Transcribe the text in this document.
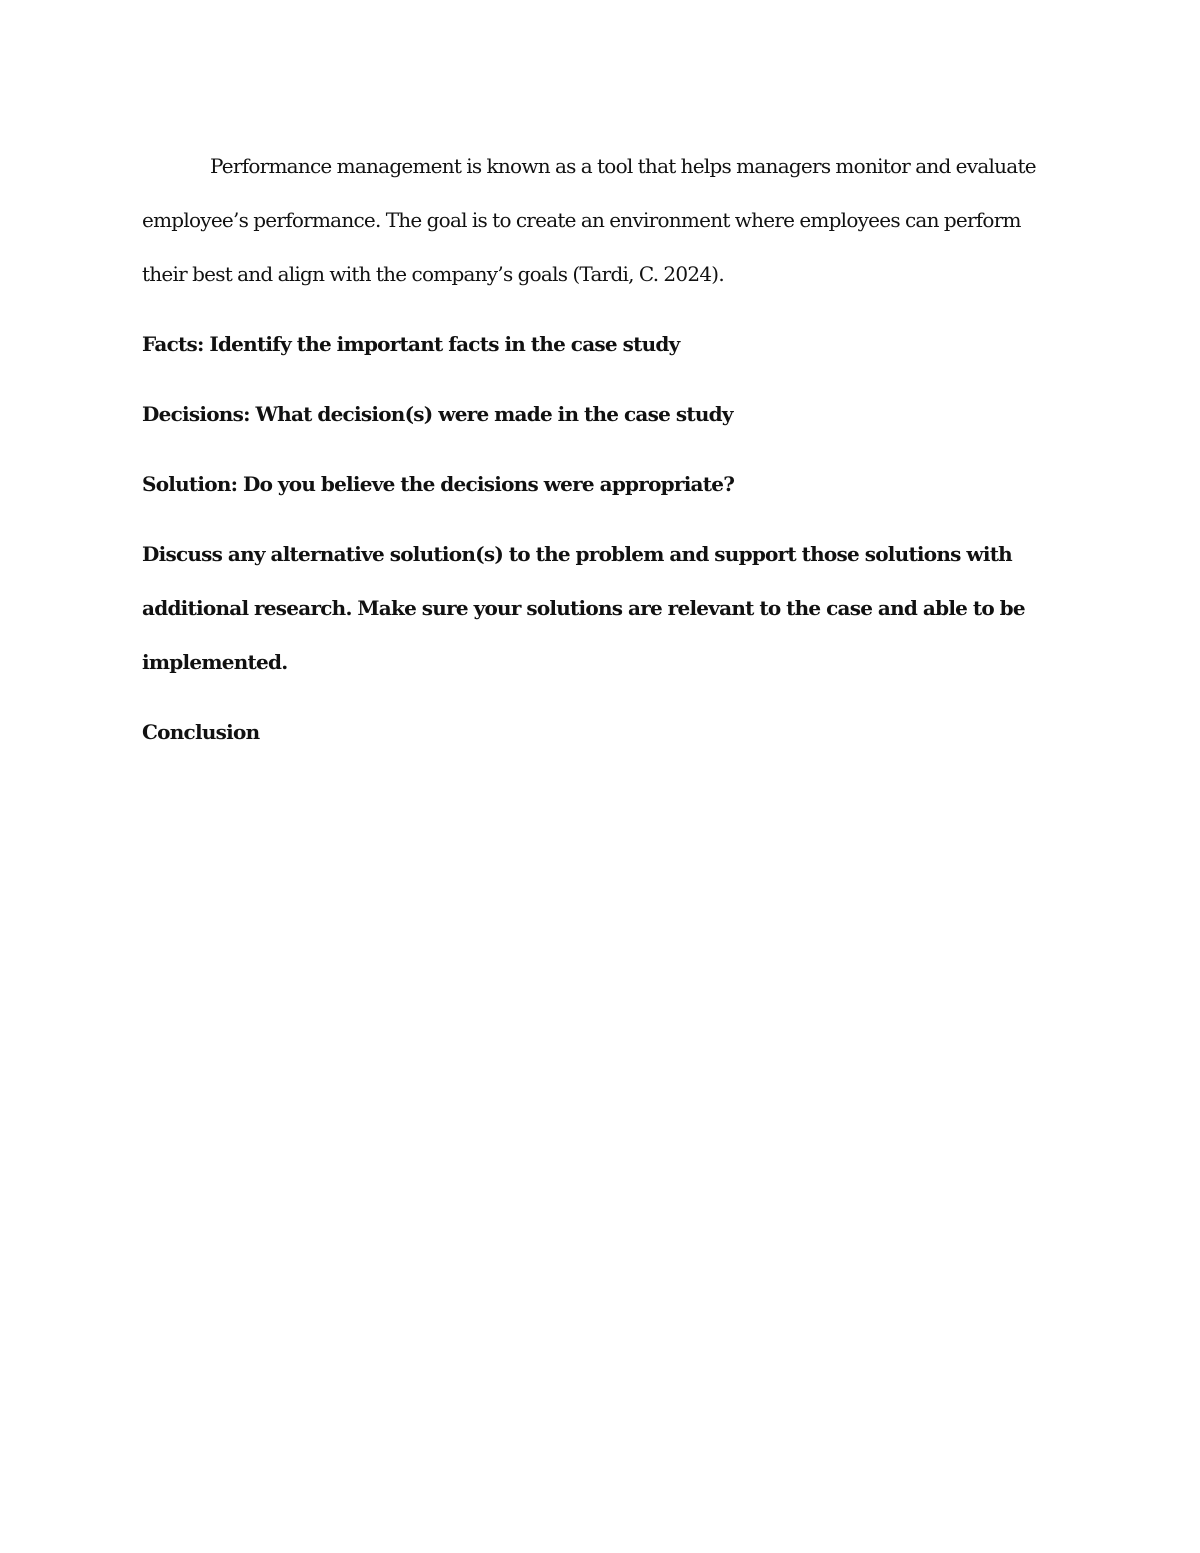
Performance management is known as a tool that helps managers monitor and evaluate employee’s performance. The goal is to create an environment where employees can perform their best and align with the company’s goals (Tardi, C. 2024).

Facts: Identify the important facts in the case study

Decisions: What decision(s) were made in the case study

Solution: Do you believe the decisions were appropriate?

Discuss any alternative solution(s) to the problem and support those solutions with additional research. Make sure your solutions are relevant to the case and able to be implemented.

Conclusion
